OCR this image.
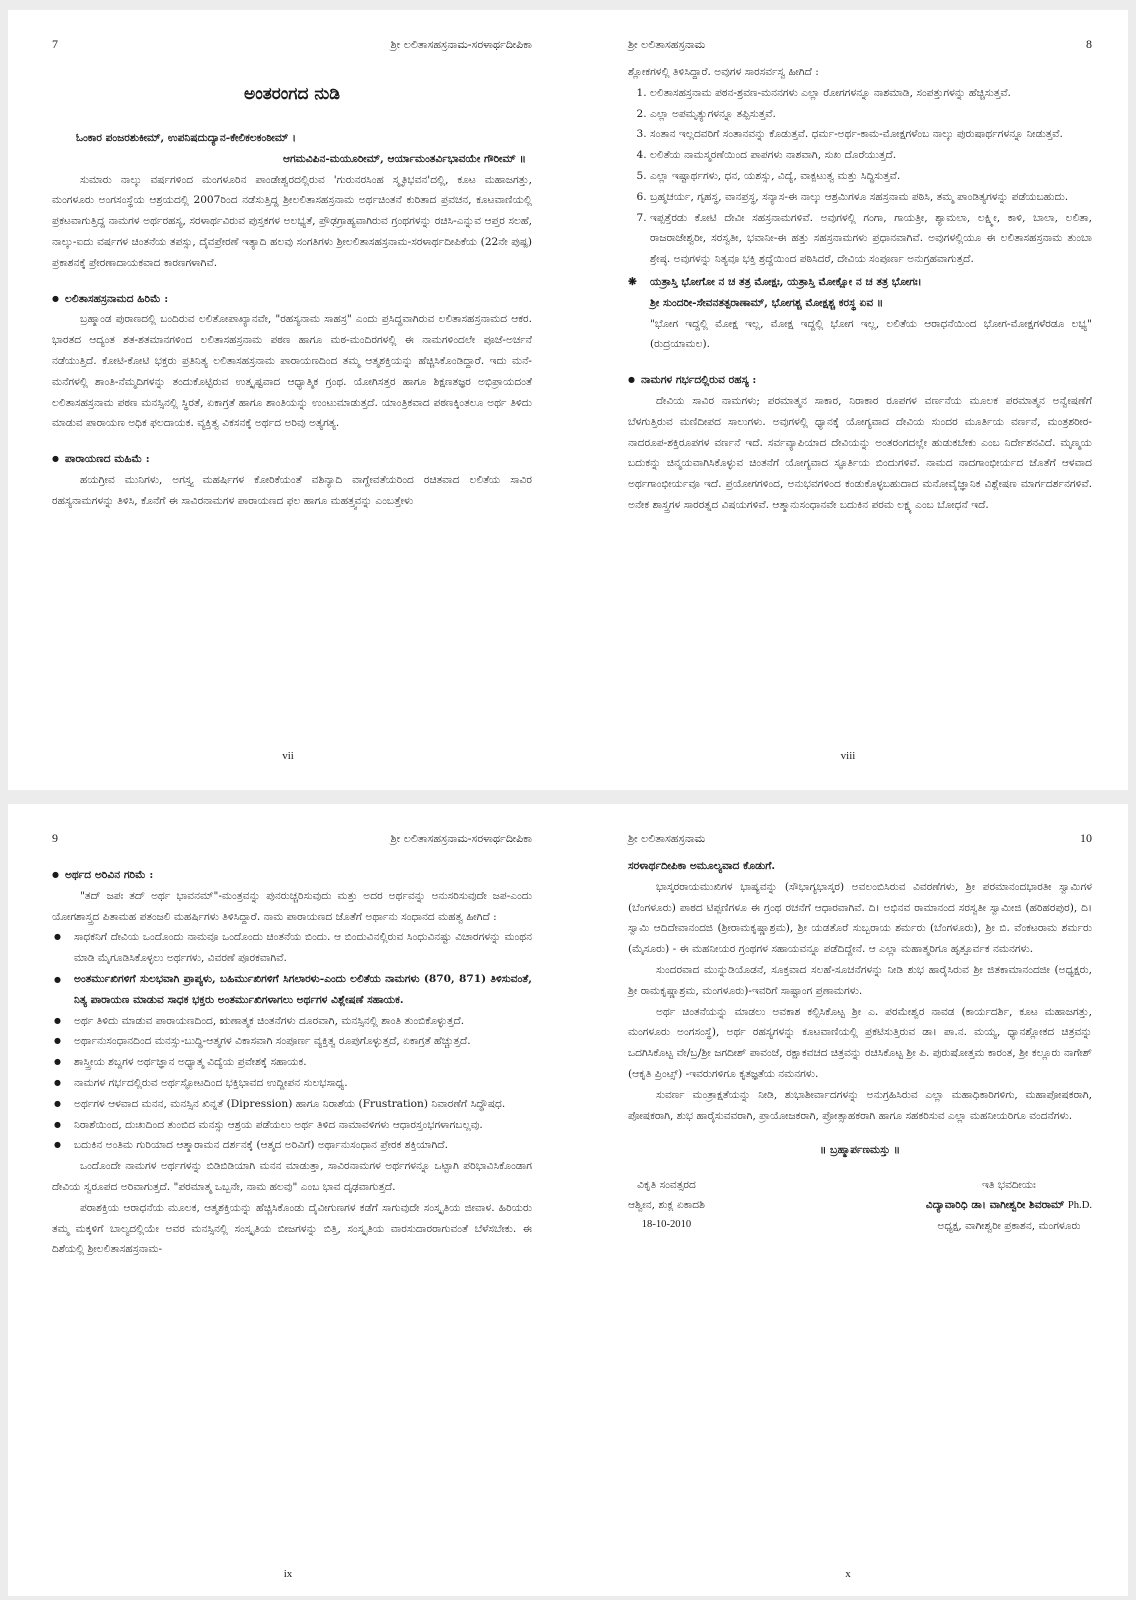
7	ಶ್ರೀ ಲಲಿತಾಸಹಸ್ರನಾಮ-ಸರಳಾರ್ಥದೀಪಿಕಾ
ಅಂತರಂಗದ ನುಡಿ

ಓಂಕಾರ ಪಂಜರಶುಕೀಮ್, ಉಪನಿಷದುದ್ಯಾನ-ಕೇಲಿಕಲಕಂಠೀಮ್ ।

ಆಗಮವಿಪಿನ-ಮಯೂರೀಮ್, ಆರ್ಯಾಮಂತರ್ವಿಭಾವಯೇ ಗೌರೀಮ್ ॥

ಸುಮಾರು ನಾಲ್ಕು ವರ್ಷಗಳಿಂದ ಮಂಗಳೂರಿನ ಪಾಂಡೇಶ್ವರದಲ್ಲಿರುವ 'ಗುರುನರಸಿಂಹ ಸ್ಮೃತಿಭವನ'ದಲ್ಲಿ, ಕೂಟ ಮಹಾಜಗತ್ತು, ಮಂಗಳೂರು ಅಂಗಸಂಸ್ಥೆಯ ಆಶ್ರಯದಲ್ಲಿ 2007ರಿಂದ ನಡೆಸುತ್ತಿದ್ದ ಶ್ರೀಲಲಿತಾಸಹಸ್ರನಾಮ ಅರ್ಥಚಿಂತನೆ ಕುರಿತಾದ ಪ್ರವಚನ, ಕೂಟವಾಣಿಯಲ್ಲಿ ಪ್ರಕಟವಾಗುತ್ತಿದ್ದ ನಾಮಗಳ ಅರ್ಥರಹಸ್ಯ, ಸರಳಾರ್ಥವಿರುವ ಪುಸ್ತಕಗಳ ಅಲಭ್ಯತೆ, ಪ್ರೌಢಗ್ರಾಹ್ಯವಾಗಿರುವ ಗ್ರಂಥಗಳನ್ನು ರಚಿಸಿ-ಎನ್ನುವ ಆಪ್ತರ ಸಲಹೆ, ನಾಲ್ಕು-ಐದು ವರ್ಷಗಳ ಚಿಂತನೆಯ ತಪಸ್ಸು, ದೈವಪ್ರೇರಣೆ ಇತ್ಯಾದಿ ಹಲವು ಸಂಗತಿಗಳು ಶ್ರೀಲಲಿತಾಸಹಸ್ರನಾಮ-ಸರಳಾರ್ಥದೀಪಿಕೆಯ (22ನೇ ಪುಷ್ಪ) ಪ್ರಕಾಶನಕ್ಕೆ ಪ್ರೇರಣಾದಾಯಕವಾದ ಕಾರಣಗಳಾಗಿವೆ.

● ಲಲಿತಾಸಹಸ್ರನಾಮದ ಹಿರಿಮೆ :

ಬ್ರಹ್ಮಾಂಡ ಪುರಾಣದಲ್ಲಿ ಬಂದಿರುವ ಲಲಿತೋಪಾಖ್ಯಾನವೇ, "ರಹಸ್ಯನಾಮ ಸಾಹಸ್ರ" ಎಂದು ಪ್ರಸಿದ್ಧವಾಗಿರುವ ಲಲಿತಾಸಹಸ್ರನಾಮದ ಆಕರ. ಭಾರತದ ಆದ್ಯಂತ ಶತ-ಶತಮಾನಗಳಿಂದ ಲಲಿತಾಸಹಸ್ರನಾಮ ಪಠಣ ಹಾಗೂ ಮಠ-ಮಂದಿರಗಳಲ್ಲಿ ಈ ನಾಮಗಳಿಂದಲೇ ಪೂಜೆ-ಅರ್ಚನೆ ನಡೆಯುತ್ತಿದೆ. ಕೋಟಿ-ಕೋಟಿ ಭಕ್ತರು ಪ್ರತಿನಿತ್ಯ ಲಲಿತಾಸಹಸ್ರನಾಮ ಪಾರಾಯಣದಿಂದ ತಮ್ಮ ಆತ್ಮಶಕ್ತಿಯನ್ನು ಹೆಚ್ಚಿಸಿಕೊಂಡಿದ್ದಾರೆ. ಇದು ಮನೆ-ಮನೆಗಳಲ್ಲಿ ಶಾಂತಿ-ನೆಮ್ಮದಿಗಳನ್ನು ತಂದುಕೊಟ್ಟಿರುವ ಉತ್ಕೃಷ್ಟವಾದ ಆಧ್ಯಾತ್ಮಿಕ ಗ್ರಂಥ. ಯೋಗಿಸತ್ತರ ಹಾಗೂ ಶಿಕ್ಷಣತಜ್ಞರ ಅಭಿಪ್ರಾಯದಂತೆ ಲಲಿತಾಸಹಸ್ರನಾಮ ಪಠಣ ಮನಸ್ಸಿನಲ್ಲಿ ಸ್ಥಿರತೆ, ಏಕಾಗ್ರತೆ ಹಾಗೂ ಶಾಂತಿಯನ್ನು ಉಂಟುಮಾಡುತ್ತದೆ. ಯಾಂತ್ರಿಕವಾದ ಪಠಣಕ್ಕಿಂತಲೂ ಅರ್ಥ ತಿಳಿದು ಮಾಡುವ ಪಾರಾಯಣ ಅಧಿಕ ಫಲದಾಯಕ. ವ್ಯಕ್ತಿತ್ವ ವಿಕಸನಕ್ಕೆ ಅರ್ಥದ ಅರಿವು ಅತ್ಯಗತ್ಯ.

● ಪಾರಾಯಣದ ಮಹಿಮೆ :

ಹಯಗ್ರೀವ ಮುನಿಗಳು, ಅಗಸ್ತ್ಯ ಮಹರ್ಷಿಗಳ ಕೋರಿಕೆಯಂತೆ ವಶಿನ್ಯಾದಿ ವಾಗ್ದೇವತೆಯರಿಂದ ರಚಿತವಾದ ಲಲಿತೆಯ ಸಾವಿರ ರಹಸ್ಯನಾಮಗಳನ್ನು ತಿಳಿಸಿ, ಕೊನೆಗೆ ಈ ಸಾವಿರನಾಮಗಳ ಪಾರಾಯಣದ ಫಲ ಹಾಗೂ ಮಹತ್ತ್ವವನ್ನು ಎಂಬತ್ತೇಳು

vii
ಶ್ರೀ ಲಲಿತಾಸಹಸ್ರನಾಮ	8

ಶ್ಲೋಕಗಳಲ್ಲಿ ತಿಳಿಸಿದ್ದಾರೆ. ಅವುಗಳ ಸಾರಸರ್ವಸ್ವ ಹೀಗಿದೆ :

1. ಲಲಿತಾಸಹಸ್ರನಾಮ ಪಠನ-ಶ್ರವಣ-ಮನನಗಳು ಎಲ್ಲಾ ರೋಗಗಳನ್ನೂ ನಾಶಮಾಡಿ, ಸಂಪತ್ತುಗಳನ್ನು ಹೆಚ್ಚಿಸುತ್ತವೆ.
2. ಎಲ್ಲಾ ಅಪಮೃತ್ಯುಗಳನ್ನೂ ತಪ್ಪಿಸುತ್ತವೆ.
3. ಸಂತಾನ ಇಲ್ಲದವರಿಗೆ ಸಂತಾನವನ್ನು ಕೊಡುತ್ತವೆ. ಧರ್ಮ-ಅರ್ಥ-ಕಾಮ-ಮೋಕ್ಷಗಳೆಂಬ ನಾಲ್ಕು ಪುರುಷಾರ್ಥಗಳನ್ನೂ ನೀಡುತ್ತವೆ.
4. ಲಲಿತೆಯ ನಾಮಸ್ಮರಣೆಯಿಂದ ಪಾಪಗಳು ನಾಶವಾಗಿ, ಸುಖ ದೊರೆಯುತ್ತದೆ.
5. ಎಲ್ಲಾ ಇಷ್ಟಾರ್ಥಗಳು, ಧನ, ಯಶಸ್ಸು, ವಿದ್ಯೆ, ವಾಕ್ಪಟುತ್ವ ಮತ್ತು ಸಿದ್ಧಿಸುತ್ತವೆ.
6. ಬ್ರಹ್ಮಚರ್ಯ, ಗೃಹಸ್ಥ, ವಾನಪ್ರಸ್ಥ, ಸನ್ಯಾಸ-ಈ ನಾಲ್ಕು ಆಶ್ರಮಿಗಳೂ ಸಹಸ್ರನಾಮ ಪಠಿಸಿ, ತಮ್ಮ ಪಾಂಡಿತ್ಯಗಳನ್ನು ಪಡೆಯಬಹುದು.
7. ಇಪ್ಪತ್ತೆರಡು ಕೋಟಿ ದೇವೀ ಸಹಸ್ರನಾಮಗಳಿವೆ. ಅವುಗಳಲ್ಲಿ ಗಂಗಾ, ಗಾಯತ್ರೀ, ಶ್ಯಾಮಲಾ, ಲಕ್ಷ್ಮೀ, ಕಾಳಿ, ಬಾಲಾ, ಲಲಿತಾ, ರಾಜರಾಜೇಶ್ವರೀ, ಸರಸ್ವತೀ, ಭವಾನೀ-ಈ ಹತ್ತು ಸಹಸ್ರನಾಮಗಳು ಪ್ರಧಾನವಾಗಿವೆ. ಅವುಗಳಲ್ಲಿಯೂ ಈ ಲಲಿತಾಸಹಸ್ರನಾಮ ತುಂಬಾ ಶ್ರೇಷ್ಠ. ಅವುಗಳನ್ನು ನಿತ್ಯವೂ ಭಕ್ತಿ ಶ್ರದ್ಧೆಯಿಂದ ಪಠಿಸಿದರೆ, ದೇವಿಯ ಸಂಪೂರ್ಣ ಅನುಗ್ರಹವಾಗುತ್ತದೆ.
❋	ಯತ್ರಾಸ್ತಿ ಭೋಗೋ ನ ಚ ತತ್ರ ಮೋಕ್ಷಃ, ಯತ್ರಾಸ್ತಿ ಮೋಕ್ಷೋ ನ ಚ ತತ್ರ ಭೋಗಃ।

ಶ್ರೀ ಸುಂದರೀ-ಸೇವನತತ್ಪರಾಣಾಮ್, ಭೋಗಶ್ಚ ಮೋಕ್ಷಶ್ಚ ಕರಸ್ಥ ಏವ ॥

"ಭೋಗ ಇದ್ದಲ್ಲಿ ಮೋಕ್ಷ ಇಲ್ಲ, ಮೋಕ್ಷ ಇದ್ದಲ್ಲಿ ಭೋಗ ಇಲ್ಲ, ಲಲಿತೆಯ ಆರಾಧನೆಯಿಂದ ಭೋಗ-ಮೋಕ್ಷಗಳೆರಡೂ ಲಭ್ಯ" (ರುದ್ರಯಾಮಲ).

● ನಾಮಗಳ ಗರ್ಭದಲ್ಲಿರುವ ರಹಸ್ಯ :

ದೇವಿಯ ಸಾವಿರ ನಾಮಗಳು; ಪರಮಾತ್ಮನ ಸಾಕಾರ, ನಿರಾಕಾರ ರೂಪಗಳ ವರ್ಣನೆಯ ಮೂಲಕ ಪರಮಾತ್ಮನ ಅನ್ವೇಷಣೆಗೆ ಬೆಳಗುತ್ತಿರುವ ಮಣಿದೀಪದ ಸಾಲುಗಳು. ಅವುಗಳಲ್ಲಿ ಧ್ಯಾನಕ್ಕೆ ಯೋಗ್ಯವಾದ ದೇವಿಯ ಸುಂದರ ಮೂರ್ತಿಯ ವರ್ಣನೆ, ಮಂತ್ರಶರೀರ-ನಾದರೂಪ-ಶಕ್ತಿರೂಪಗಳ ವರ್ಣನೆ ಇದೆ. ಸರ್ವವ್ಯಾಪಿಯಾದ ದೇವಿಯನ್ನು ಅಂತರಂಗದಲ್ಲೇ ಹುಡುಕಬೇಕು ಎಂಬ ನಿರ್ದೇಶನವಿದೆ. ಮೃಣ್ಮಯ ಬದುಕನ್ನು ಚಿನ್ಮಯವಾಗಿಸಿಕೊಳ್ಳುವ ಚಿಂತನೆಗೆ ಯೋಗ್ಯವಾದ ಸ್ಫೂರ್ತಿಯ ಬಿಂದುಗಳಿವೆ. ನಾಮದ ನಾದಗಾಂಭೀರ್ಯದ ಜೊತೆಗೆ ಆಳವಾದ ಅರ್ಥಗಾಂಭೀರ್ಯವೂ ಇದೆ. ಪ್ರಯೋಗಗಳಿಂದ, ಅನುಭವಗಳಿಂದ ಕಂಡುಕೊಳ್ಳಬಹುದಾದ ಮನೋವೈಜ್ಞಾನಿಕ ವಿಶ್ಲೇಷಣ ಮಾರ್ಗದರ್ಶನಗಳಿವೆ. ಅನೇಕ ಶಾಸ್ತ್ರಗಳ ಸಾರರತ್ನದ ವಿಷಯಗಳಿವೆ. ಆತ್ಮಾನುಸಂಧಾನವೇ ಬದುಕಿನ ಪರಮ ಲಕ್ಷ್ಯ ಎಂಬ ಬೋಧನೆ ಇದೆ.

viii
9	ಶ್ರೀ ಲಲಿತಾಸಹಸ್ರನಾಮ-ಸರಳಾರ್ಥದೀಪಿಕಾ

● ಅರ್ಥದ ಅರಿವಿನ ಗರಿಮೆ :

"ತದ್ ಜಪಃ ತದ್ ಅರ್ಥ ಭಾವನಮ್"-ಮಂತ್ರವನ್ನು ಪುನರುಚ್ಚರಿಸುವುದು ಮತ್ತು ಅದರ ಅರ್ಥವನ್ನು ಅನುಸರಿಸುವುದೇ ಜಪ-ಎಂದು ಯೋಗಶಾಸ್ತ್ರದ ಪಿತಾಮಹ ಪತಂಜಲಿ ಮಹರ್ಷಿಗಳು ತಿಳಿಸಿದ್ದಾರೆ. ನಾಮ ಪಾರಾಯಣದ ಜೊತೆಗೆ ಅರ್ಥಾನು ಸಂಧಾನದ ಮಹತ್ವ ಹೀಗಿದೆ :

● ಸಾಧಕನಿಗೆ ದೇವಿಯ ಒಂದೊಂದು ನಾಮವೂ ಒಂದೊಂದು ಚಿಂತನೆಯ ಬಿಂದು. ಆ ಬಿಂದುವಿನಲ್ಲಿರುವ ಸಿಂಧುವಿನಷ್ಟು ವಿಚಾರಗಳನ್ನು ಮಂಥನ ಮಾಡಿ ಮೈಗೂಡಿಸಿಕೊಳ್ಳಲು ಅರ್ಥಗಳು, ವಿವರಣೆ ಪೂರಕವಾಗಿವೆ.
● ಅಂತರ್ಮುಖಿಗಳಿಗೆ ಸುಲಭವಾಗಿ ಪ್ರಾಪ್ಯಳು, ಬಹಿರ್ಮುಖಿಗಳಿಗೆ ಸಿಗಲಾರಳು-ಎಂದು ಲಲಿತೆಯ ನಾಮಗಳು (870, 871) ತಿಳಿಸುವಂತೆ, ನಿತ್ಯ ಪಾರಾಯಣ ಮಾಡುವ ಸಾಧಕ ಭಕ್ತರು ಅಂತರ್ಮುಖಿಗಳಾಗಲು ಅರ್ಥಗಳ ವಿಶ್ಲೇಷಣೆ ಸಹಾಯಕ.
● ಅರ್ಥ ತಿಳಿದು ಮಾಡುವ ಪಾರಾಯಣದಿಂದ, ಋಣಾತ್ಮಕ ಚಿಂತನೆಗಳು ದೂರವಾಗಿ, ಮನಸ್ಸಿನಲ್ಲಿ ಶಾಂತಿ ತುಂಬಿಕೊಳ್ಳುತ್ತದೆ.
● ಅರ್ಥಾನುಸಂಧಾನದಿಂದ ಮನಸ್ಸು-ಬುದ್ಧಿ-ಆತ್ಮಗಳ ವಿಕಾಸವಾಗಿ ಸಂಪೂರ್ಣ ವ್ಯಕ್ತಿತ್ವ ರೂಪುಗೊಳ್ಳುತ್ತದೆ, ಏಕಾಗ್ರತೆ ಹೆಚ್ಚುತ್ತದೆ.
● ಶಾಸ್ತ್ರೀಯ ಶಬ್ದಗಳ ಅರ್ಥಜ್ಞಾನ ಅಧ್ಯಾತ್ಮ ವಿದ್ಯೆಯ ಪ್ರವೇಶಕ್ಕೆ ಸಹಾಯಕ.
● ನಾಮಗಳ ಗರ್ಭದಲ್ಲಿರುವ ಅರ್ಥಸ್ಫೋಟದಿಂದ ಭಕ್ತಿಭಾವದ ಉದ್ದೀಪನ ಸುಲಭಸಾಧ್ಯ.
● ಅರ್ಥಗಳ ಆಳವಾದ ಮನನ, ಮನಸ್ಸಿನ ಖಿನ್ನತೆ (Dipression) ಹಾಗೂ ನಿರಾಶೆಯ (Frustration) ನಿವಾರಣೆಗೆ ಸಿದ್ಧೌಷಧ.
● ನಿರಾಶೆಯಿಂದ, ದುಃಖದಿಂದ ತುಂಬಿದ ಮನಸ್ಸು ಆಶ್ರಯ ಪಡೆಯಲು ಅರ್ಥ ತಿಳಿದ ನಾಮಾವಳಿಗಳು ಆಧಾರಸ್ತಂಭಗಳಾಗಬಲ್ಲವು.
● ಬದುಕಿನ ಅಂತಿಮ ಗುರಿಯಾದ ಆತ್ಮಾರಾಮನ ದರ್ಶನಕ್ಕೆ (ಆತ್ಮದ ಅರಿವಿಗೆ) ಅರ್ಥಾನುಸಂಧಾನ ಪ್ರೇರಕ ಶಕ್ತಿಯಾಗಿದೆ.

ಒಂದೊಂದೇ ನಾಮಗಳ ಅರ್ಥಗಳನ್ನು ಬಿಡಿಬಿಡಿಯಾಗಿ ಮನನ ಮಾಡುತ್ತಾ, ಸಾವಿರನಾಮಗಳ ಅರ್ಥಗಳನ್ನೂ ಒಟ್ಟಾಗಿ ಪರಿಭಾವಿಸಿಕೊಂಡಾಗ ದೇವಿಯ ಸ್ವರೂಪದ ಅರಿವಾಗುತ್ತದೆ. "ಪರಮಾತ್ಮ ಒಬ್ಬನೇ, ನಾಮ ಹಲವು" ಎಂಬ ಭಾವ ದೃಢವಾಗುತ್ತದೆ.

ಪರಾಶಕ್ತಿಯ ಆರಾಧನೆಯ ಮೂಲಕ, ಆತ್ಮಶಕ್ತಿಯನ್ನು ಹೆಚ್ಚಿಸಿಕೊಂಡು ದೈವೀಗುಣಗಳ ಕಡೆಗೆ ಸಾಗುವುದೇ ಸಂಸ್ಕೃತಿಯ ಜೀವಾಳ. ಹಿರಿಯರು ತಮ್ಮ ಮಕ್ಕಳಿಗೆ ಬಾಲ್ಯದಲ್ಲಿಯೇ ಅವರ ಮನಸ್ಸಿನಲ್ಲಿ ಸಂಸ್ಕೃತಿಯ ಬೀಜಗಳನ್ನು ಬಿತ್ತಿ, ಸಂಸ್ಕೃತಿಯ ವಾರಸುದಾರರಾಗುವಂತೆ ಬೆಳೆಸಬೇಕು. ಈ ದಿಶೆಯಲ್ಲಿ ಶ್ರೀಲಲಿತಾಸಹಸ್ರನಾಮ-

ix
ಶ್ರೀ ಲಲಿತಾಸಹಸ್ರನಾಮ	10

ಸರಳಾರ್ಥದೀಪಿಕಾ ಅಮೂಲ್ಯವಾದ ಕೊಡುಗೆ.

ಭಾಸ್ಕರರಾಯಮುಖಿಗಳ ಭಾಷ್ಯವನ್ನು (ಸೌಭಾಗ್ಯಭಾಸ್ಕರ) ಅವಲಂಬಿಸಿರುವ ವಿವರಣೆಗಳು, ಶ್ರೀ ಪರಮಾನಂದಭಾರತೀ ಸ್ವಾಮಿಗಳ (ಬೆಂಗಳೂರು) ಪಾಠದ ಟಿಪ್ಪಣಿಗಳೂ ಈ ಗ್ರಂಥ ರಚನೆಗೆ ಆಧಾರವಾಗಿವೆ. ದಿ। ಅಭಿನವ ರಾಮಾನಂದ ಸರಸ್ವತೀ ಸ್ವಾಮೀಜಿ (ಹರಿಹರಪುರ), ದಿ। ಸ್ವಾಮಿ ಆದಿದೇವಾನಂದಜಿ (ಶ್ರೀರಾಮಕೃಷ್ಣಾಶ್ರಮ), ಶ್ರೀ ಯಡತೊರೆ ಸುಬ್ಬರಾಯ ಶರ್ಮರು (ಬೆಂಗಳೂರು), ಶ್ರೀ ಬಿ. ವೆಂಕಟರಾಮ ಶರ್ಮರು (ಮೈಸೂರು) - ಈ ಮಹನೀಯರ ಗ್ರಂಥಗಳ ಸಹಾಯವನ್ನೂ ಪಡೆದಿದ್ದೇನೆ. ಆ ಎಲ್ಲಾ ಮಹಾತ್ಮರಿಗೂ ಹೃತ್ಪೂರ್ವಕ ನಮನಗಳು.

ಸುಂದರವಾದ ಮುನ್ನುಡಿಯೊಡನೆ, ಸೂಕ್ತವಾದ ಸಲಹೆ-ಸೂಚನೆಗಳನ್ನು ನೀಡಿ ಶುಭ ಹಾರೈಸಿರುವ ಶ್ರೀ ಜಿತಕಾಮಾನಂದಜೀ (ಅಧ್ಯಕ್ಷರು, ಶ್ರೀ ರಾಮಕೃಷ್ಣಾಶ್ರಮ, ಮಂಗಳೂರು)-ಇವರಿಗೆ ಸಾಷ್ಟಾಂಗ ಪ್ರಣಾಮಗಳು.

ಅರ್ಥ ಚಿಂತನೆಯನ್ನು ಮಾಡಲು ಅವಕಾಶ ಕಲ್ಪಿಸಿಕೊಟ್ಟ ಶ್ರೀ ಎ. ಪರಮೇಶ್ವರ ನಾವಡ (ಕಾರ್ಯದರ್ಶಿ, ಕೂಟ ಮಹಾಜಗತ್ತು, ಮಂಗಳೂರು ಅಂಗಸಂಸ್ಥೆ), ಅರ್ಥ ರಹಸ್ಯಗಳನ್ನು ಕೂಟವಾಣಿಯಲ್ಲಿ ಪ್ರಕಟಿಸುತ್ತಿರುವ ಡಾ। ಪಾ.ನ. ಮಯ್ಯ, ಧ್ಯಾನಶ್ಲೋಕದ ಚಿತ್ರವನ್ನು ಒದಗಿಸಿಕೊಟ್ಟ ವೇ/ಬ್ರ/ಶ್ರೀ ಜಗದೀಶ್ ಪಾವಂಜೆ, ರಕ್ಷಾಕವಚದ ಚಿತ್ರವನ್ನು ರಚಿಸಿಕೊಟ್ಟ ಶ್ರೀ ಪಿ. ಪುರುಷೋತ್ತಮ ಕಾರಂತ, ಶ್ರೀ ಕಲ್ಲೂರು ನಾಗೇಶ್ (ಆಕೃತಿ ಪ್ರಿಂಟ್ಸ್) -ಇವರುಗಳಿಗೂ ಕೃತಜ್ಞತೆಯ ನಮನಗಳು.

ಸುವರ್ಣ ಮಂತ್ರಾಕ್ಷತೆಯನ್ನು ನೀಡಿ, ಶುಭಾಶೀರ್ವಾದಗಳನ್ನು ಅನುಗ್ರಹಿಸಿರುವ ಎಲ್ಲಾ ಮಹಾಧಿಕಾರಿಗಳಿಗು, ಮಹಾಪೋಷಕರಾಗಿ, ಪೋಷಕರಾಗಿ, ಶುಭ ಹಾರೈಸುವವರಾಗಿ, ಪ್ರಾಯೋಜಕರಾಗಿ, ಪ್ರೋತ್ಸಾಹಕರಾಗಿ ಹಾಗೂ ಸಹಕರಿಸುವ ಎಲ್ಲಾ ಮಹನೀಯರಿಗೂ ವಂದನೆಗಳು.

॥ ಬ್ರಹ್ಮಾರ್ಪಣಮಸ್ತು ॥

ವಿಕೃತಿ ಸಂವತ್ಸರದ
ಆಶ್ವೀನ, ಶುಕ್ಲ ಏಕಾದಶಿ
18-10-2010
ಇತಿ ಭವದೀಯಃ
ವಿದ್ಯಾವಾರಿಧಿ ಡಾ। ವಾಗೀಶ್ವರೀ ಶಿವರಾಮ್ Ph.D.
ಅಧ್ಯಕ್ಷ, ವಾಗೀಶ್ವರೀ ಪ್ರಕಾಶನ, ಮಂಗಳೂರು
x
